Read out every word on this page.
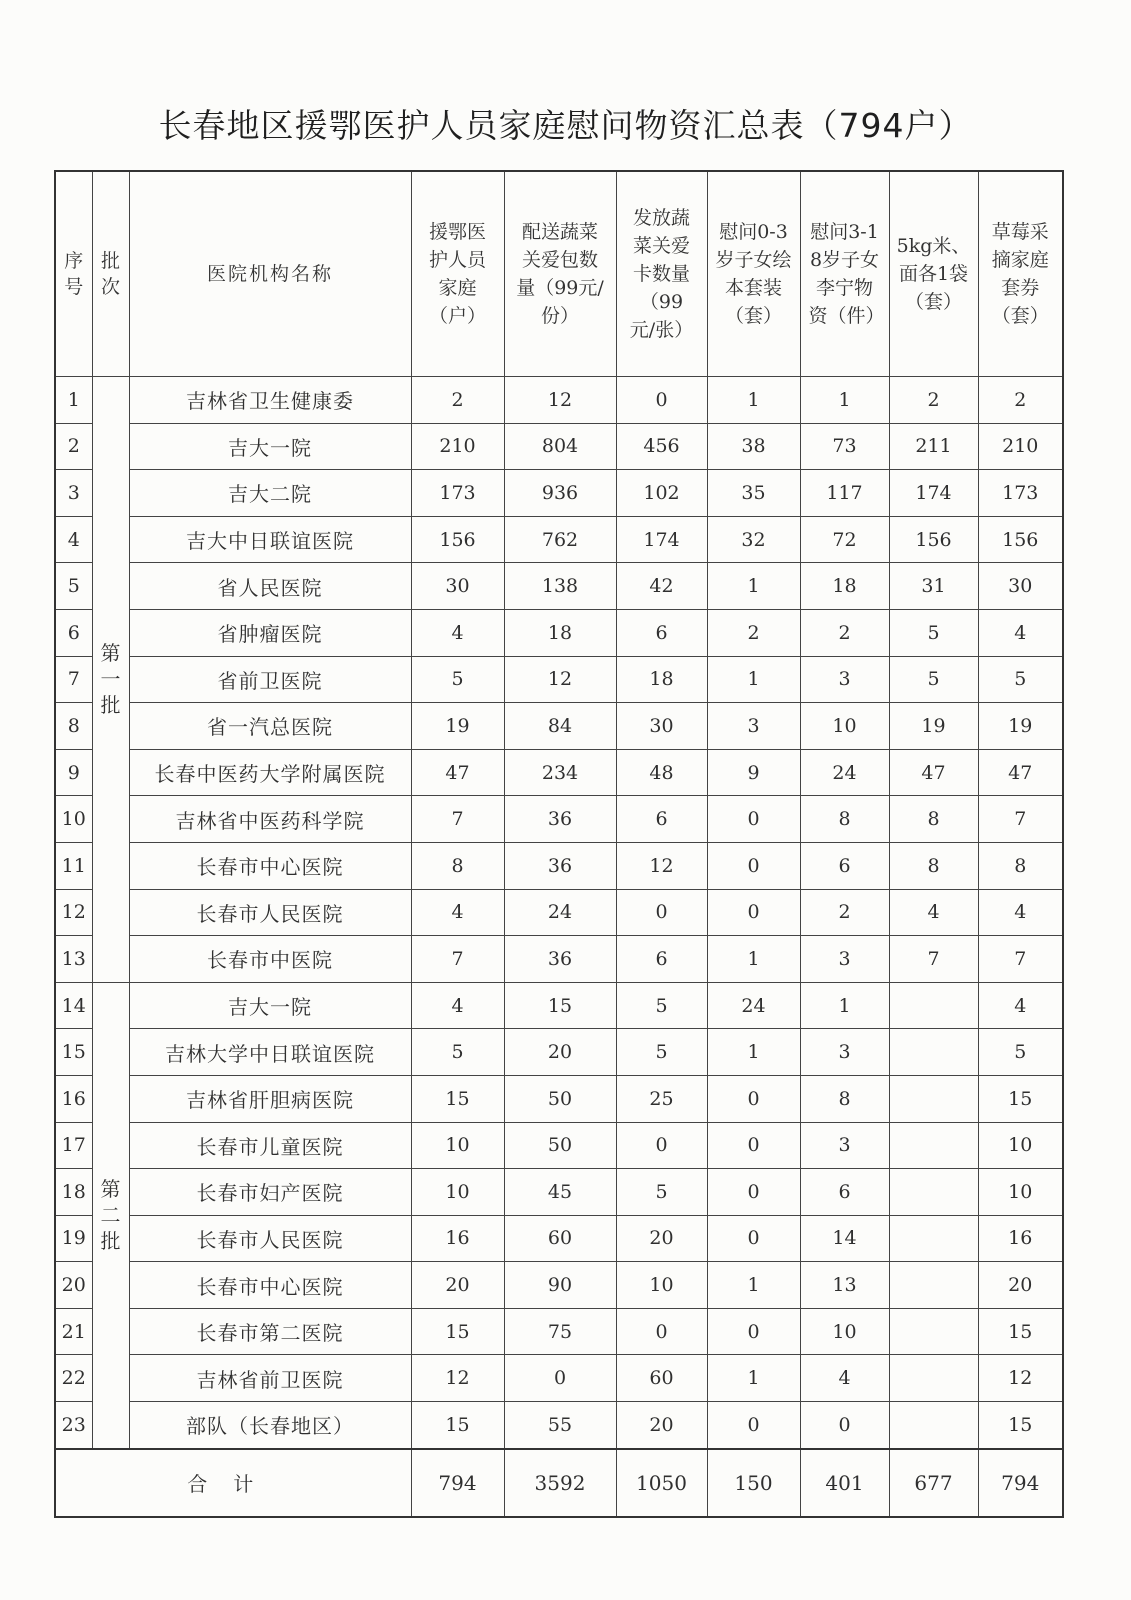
长春地区援鄂医护人员家庭慰问物资汇总表（794户）
序号	批次	医院机构名称	援鄂医护人员家庭（户）	配送蔬菜关爱包数量（99元/份）	发放蔬菜关爱卡数量（99元/张）	慰问0-3岁子女绘本套装（套）	慰问3-18岁子女李宁物资（件）	5kg米、面各1袋（套）	草莓采摘家庭套券（套）
1	第一批	吉林省卫生健康委	2	12	0	1	1	2	2
2		吉大一院	210	804	456	38	73	211	210
3		吉大二院	173	936	102	35	117	174	173
4		吉大中日联谊医院	156	762	174	32	72	156	156
5		省人民医院	30	138	42	1	18	31	30
6		省肿瘤医院	4	18	6	2	2	5	4
7		省前卫医院	5	12	18	1	3	5	5
8		省一汽总医院	19	84	30	3	10	19	19
9		长春中医药大学附属医院	47	234	48	9	24	47	47
10		吉林省中医药科学院	7	36	6	0	8	8	7
11		长春市中心医院	8	36	12	0	6	8	8
12		长春市人民医院	4	24	0	0	2	4	4
13		长春市中医院	7	36	6	1	3	7	7
14	第二批	吉大一院	4	15	5	24	1		4
15		吉林大学中日联谊医院	5	20	5	1	3		5
16		吉林省肝胆病医院	15	50	25	0	8		15
17		长春市儿童医院	10	50	0	0	3		10
18		长春市妇产医院	10	45	5	0	6		10
19		长春市人民医院	16	60	20	0	14		16
20		长春市中心医院	20	90	10	1	13		20
21		长春市第二医院	15	75	0	0	10		15
22		吉林省前卫医院	12	0	60	1	4		12
23		部队（长春地区）	15	55	20	0	0		15
合计			794	3592	1050	150	401	677	794
